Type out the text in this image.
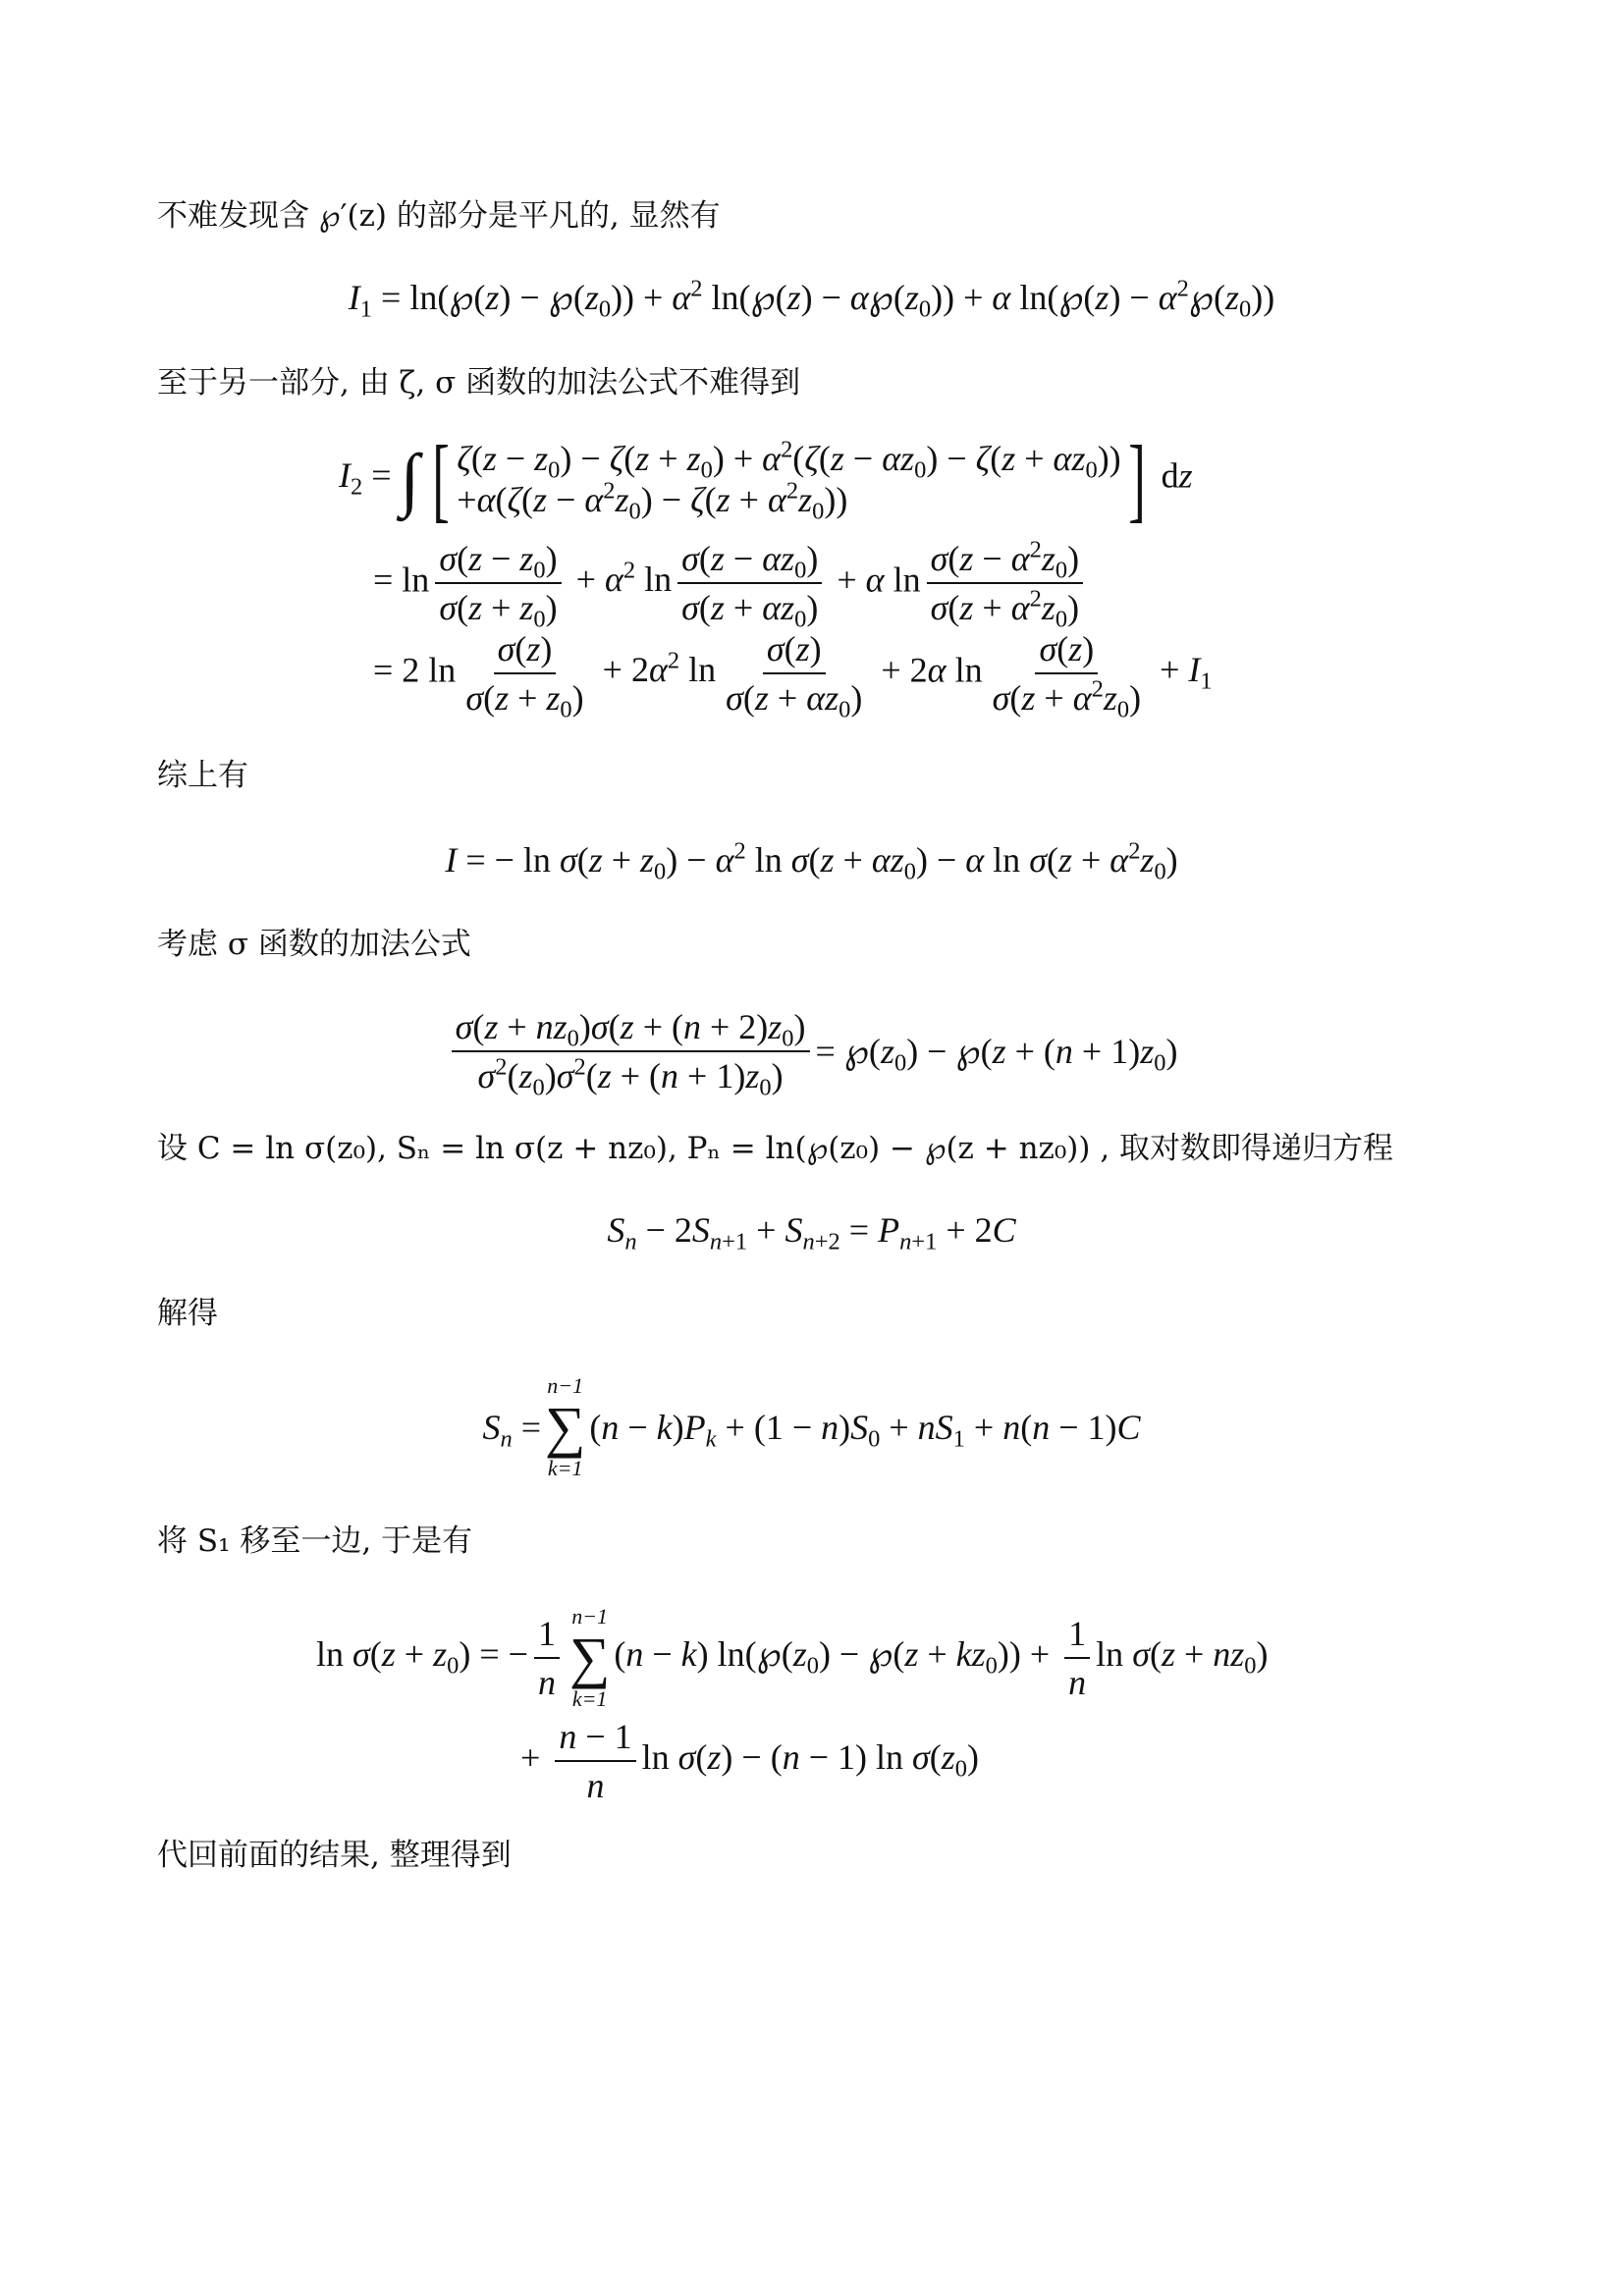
不难发现含 ℘′(z) 的部分是平凡的, 显然有

$I_1$ = ln(℘(z) − $℘(z_0)) + \alpha^2$ ln(℘(z) − $\alpha℘(z_0)) + \alpha$ ln(℘(z) − $\alpha^2℘(z_0)$)

至于另一部分, 由 ζ, σ 函数的加法公式不难得到

$I_2$ = ∫ [ $\zeta(z - z_0) - \zeta(z + z_0) + \alpha^2(\zeta(z - \alpha z_0) - \zeta(z + \alpha z_0))$
$+\alpha(\zeta(z - \alpha^2z_0) - \zeta(z + \alpha^2z_0))$	] dz
= $\ln \frac{\sigma(z - z_0)}{\sigma(z + z_0)} + \alpha^2$ $\ln \frac{\sigma(z - \alpha z_0)}{\sigma(z + \alpha z_0)} + \alpha$ $\ln \frac{\sigma(z - \alpha^2z_0)}{\sigma(z + \alpha^2z_0)}$
= 2 $\ln \frac{\sigma(z)}{\sigma(z + z_0)} + 2\alpha^2$ $\ln \frac{\sigma(z)}{\sigma(z + \alpha z_0)} + 2\alpha$ $\ln \frac{\sigma(z)}{\sigma(z + \alpha^2z_0)} + I_1$

综上有

I = − $\ln \sigma(z + z_0) - \alpha^2$ $\ln \sigma(z + \alpha z_0) - \alpha$ $\ln \sigma(z + \alpha^2z_0)$

考虑 σ 函数的加法公式

$\frac{\sigma(z + nz_0)\sigma(z + (n + 2)z_0)}{\sigma^2(z_0)\sigma^2(z + (n + 1)z_0)}$ = $℘(z_0)$ − ℘(z + $(n + 1)z_0$)

设 C = ln σ(z₀), Sₙ = ln σ(z + nz₀), Pₙ = ln(℘(z₀) − ℘(z + nz₀)) , 取对数即得递归方程

$S_n - 2S_{n+1} + S_{n+2} = P_{n+1} + 2C$

解得

$S_n$ =
n−1
∑
k=1
$(n - k)P_k + (1 - n)S_0 + nS_1 + n(n - 1)C$

将 S₁ 移至一边, 于是有

$\ln \sigma(z + z_0)$ = − $\frac{1}{n} n-1$
∑
k=1
(n − k) $\ln(℘(z_0)$ − ℘(z + $kz_0)) + \frac{1}{n}$ $\ln \sigma(z + nz_0)$
+ $\frac{n - 1}{n}$ ln σ(z) − (n − 1) $\ln \sigma(z_0)$

代回前面的结果, 整理得到
